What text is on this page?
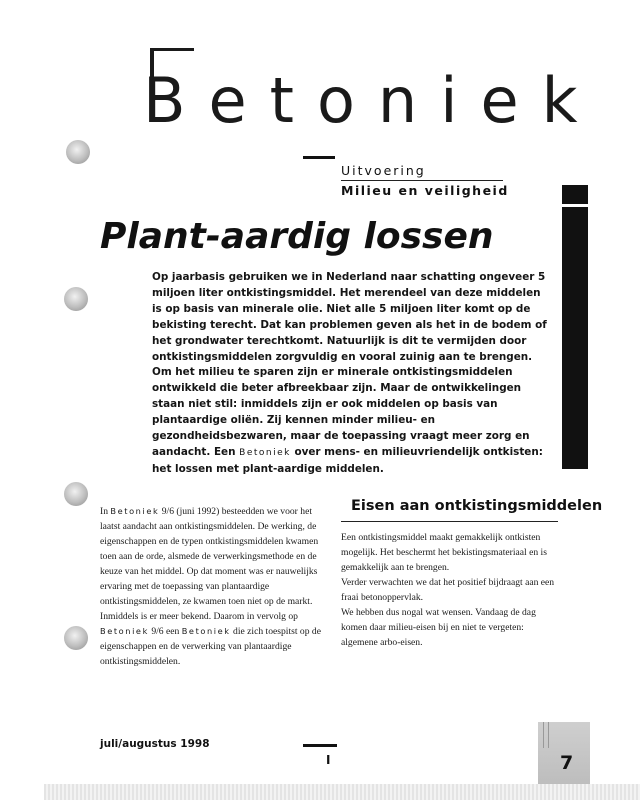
Betoniek
Uitvoering
Milieu en veiligheid
Plant-aardig lossen

Op jaarbasis gebruiken we in Nederland naar schatting ongeveer 5 miljoen liter ontkistingsmiddel. Het merendeel van deze middelen is op basis van minerale olie. Niet alle 5 miljoen liter komt op de bekisting terecht. Dat kan problemen geven als het in de bodem of het grondwater terechtkomt. Natuurlijk is dit te vermijden door ontkistingsmiddelen zorgvuldig en vooral zuinig aan te brengen. Om het milieu te sparen zijn er minerale ontkistingsmiddelen ontwikkeld die beter afbreekbaar zijn. Maar de ontwikkelingen staan niet stil: inmiddels zijn er ook middelen op basis van plantaardige oliën. Zij kennen minder milieu- en gezondheidsbezwaren, maar de toepassing vraagt meer zorg en aandacht. Een Betoniek over mens- en milieuvriendelijk ontkisten: het lossen met plant-aardige middelen.

In Betoniek 9/6 (juni 1992) besteedden we voor het laatst aandacht aan ontkistingsmiddelen. De werking, de eigenschappen en de typen ontkistingsmiddelen kwamen toen aan de orde, alsmede de verwerkingsmethode en de keuze van het middel. Op dat moment was er nauwelijks ervaring met de toepassing van plantaardige ontkistingsmiddelen, ze kwamen toen niet op de markt. Inmiddels is er meer bekend. Daarom in vervolg op Betoniek 9/6 een Betoniek die zich toespitst op de eigenschappen en de verwerking van plantaardige ontkistingsmiddelen.

Eisen aan ontkistingsmiddelen

Een ontkistingsmiddel maakt gemakkelijk ontkisten mogelijk. Het beschermt het bekistingsmateriaal en is gemakkelijk aan te brengen.

Verder verwachten we dat het positief bijdraagt aan een fraai betonoppervlak.

We hebben dus nogal wat wensen. Vandaag de dag komen daar milieu-eisen bij en niet te vergeten: algemene arbo-eisen.

juli/augustus 1998
I	7
